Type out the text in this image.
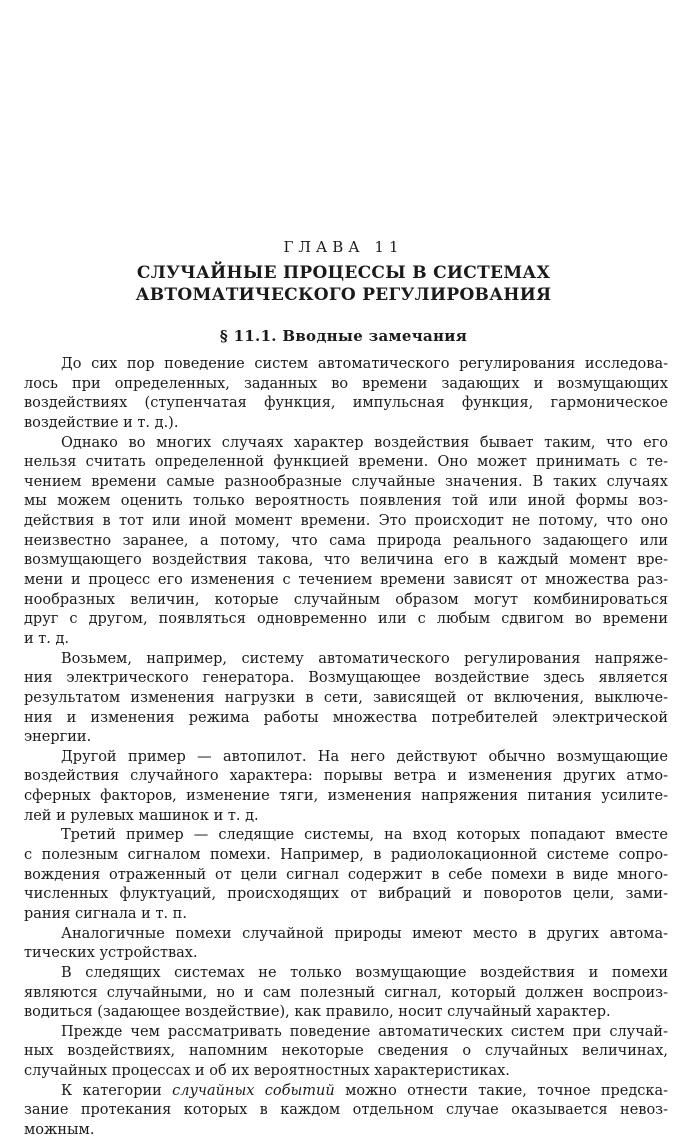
ГЛАВА 11
СЛУЧАЙНЫЕ ПРОЦЕССЫ В СИСТЕМАХ
АВТОМАТИЧЕСКОГО РЕГУЛИРОВАНИЯ
§ 11.1. Вводные замечания
До сих пор поведение систем автоматического регулирования исследова-
лось при определенных, заданных во времени задающих и возмущающих
воздействиях (ступенчатая функция, импульсная функция, гармоническое
воздействие и т. д.).
Однако во многих случаях характер воздействия бывает таким, что его
нельзя считать определенной функцией времени. Оно может принимать с те-
чением времени самые разнообразные случайные значения. В таких случаях
мы можем оценить только вероятность появления той или иной формы воз-
действия в тот или иной момент времени. Это происходит не потому, что оно
неизвестно заранее, а потому, что сама природа реального задающего или
возмущающего воздействия такова, что величина его в каждый момент вре-
мени и процесс его изменения с течением времени зависят от множества раз-
нообразных величин, которые случайным образом могут комбинироваться
друг с другом, появляться одновременно или с любым сдвигом во времени
и т. д.
Возьмем, например, систему автоматического регулирования напряже-
ния электрического генератора. Возмущающее воздействие здесь является
результатом изменения нагрузки в сети, зависящей от включения, выключе-
ния и изменения режима работы множества потребителей электрической
энергии.
Другой пример — автопилот. На него действуют обычно возмущающие
воздействия случайного характера: порывы ветра и изменения других атмо-
сферных факторов, изменение тяги, изменения напряжения питания усилите-
лей и рулевых машинок и т. д.
Третий пример — следящие системы, на вход которых попадают вместе
с полезным сигналом помехи. Например, в радиолокационной системе сопро-
вождения отраженный от цели сигнал содержит в себе помехи в виде много-
численных флуктуаций, происходящих от вибраций и поворотов цели, зами-
рания сигнала и т. п.
Аналогичные помехи случайной природы имеют место в других автома-
тических устройствах.
В следящих системах не только возмущающие воздействия и помехи
являются случайными, но и сам полезный сигнал, который должен воспроиз-
водиться (задающее воздействие), как правило, носит случайный характер.
Прежде чем рассматривать поведение автоматических систем при случай-
ных воздействиях, напомним некоторые сведения о случайных величинах,
случайных процессах и об их вероятностных характеристиках.
К категории случайных событий можно отнести такие, точное предска-
зание протекания которых в каждом отдельном случае оказывается невоз-
можным.
